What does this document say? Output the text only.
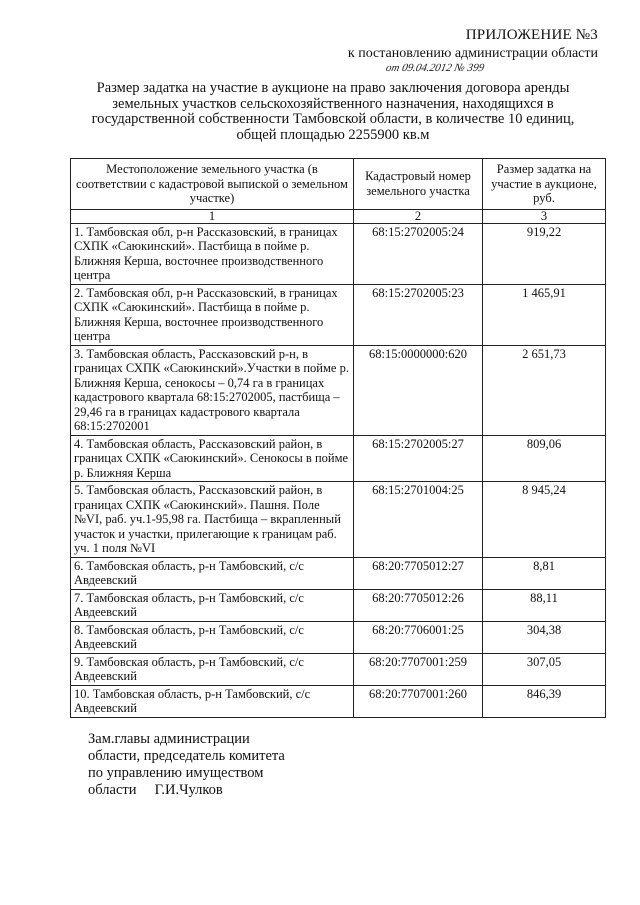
ПРИЛОЖЕНИЕ №3
к постановлению администрации области
от 09.04.2012 № 399
Размер задатка на участие в аукционе на право заключения договора аренды
земельных участков сельскохозяйственного назначения, находящихся в
государственной собственности Тамбовской области, в количестве 10 единиц,
общей площадью 2255900 кв.м
Местоположение земельного участка (в соответствии с кадастровой выпиской о земельном участке)	Кадастровый номер земельного участка	Размер задатка на участие в аукционе, руб.
1	2	3
1. Тамбовская обл, р-н Рассказовский, в границах СХПК «Саюкинский». Пастбища в пойме р. Ближняя Керша, восточнее производственного центра	68:15:2702005:24	919,22
2. Тамбовская обл, р-н Рассказовский, в границах СХПК «Саюкинский». Пастбища в пойме р. Ближняя Керша, восточнее производственного центра	68:15:2702005:23	1 465,91
3. Тамбовская область, Рассказовский р-н, в границах СХПК «Саюкинский».Участки в пойме р. Ближняя Керша, сенокосы – 0,74 га в границах кадастрового квартала 68:15:2702005, пастбища – 29,46 га в границах кадастрового квартала 68:15:2702001	68:15:0000000:620	2 651,73
4. Тамбовская область, Рассказовский район, в границах СХПК «Саюкинский». Сенокосы в пойме р. Ближняя Керша	68:15:2702005:27	809,06
5. Тамбовская область, Рассказовский район, в границах СХПК «Саюкинский». Пашня. Поле №VI, раб. уч.1-95,98 га. Пастбища – вкрапленный участок и участки, прилегающие к границам раб. уч. 1 поля №VI	68:15:2701004:25	8 945,24
6. Тамбовская область, р-н Тамбовский, с/с Авдеевский	68:20:7705012:27	8,81
7. Тамбовская область, р-н Тамбовский, с/с Авдеевский	68:20:7705012:26	88,11
8. Тамбовская область, р-н Тамбовский, с/с Авдеевский	68:20:7706001:25	304,38
9. Тамбовская область, р-н Тамбовский, с/с Авдеевский	68:20:7707001:259	307,05
10. Тамбовская область, р-н Тамбовский, с/с Авдеевский	68:20:7707001:260	846,39
Зам.главы администрации
области, председатель комитета
по управлению имуществом
области     Г.И.Чулков
